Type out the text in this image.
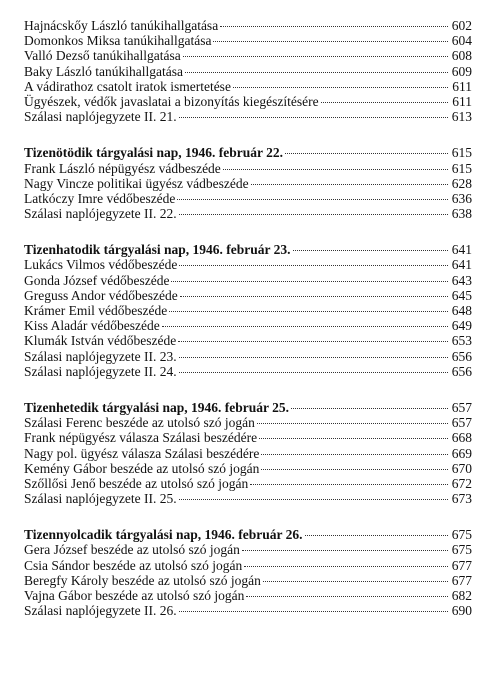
Hajnácskőy László tanúkihallgatása	602
Domonkos Miksa tanúkihallgatása	604
Valló Dezső tanúkihallgatása	608
Baky László tanúkihallgatása	609
A vádirathoz csatolt iratok ismertetése	611
Ügyészek, védők javaslatai a bizonyítás kiegészítésére	611
Szálasi naplójegyzete II. 21.	613
Tizenötödik tárgyalási nap, 1946. február 22.	615
Frank László népügyész vádbeszéde	615
Nagy Vincze politikai ügyész vádbeszéde	628
Latkóczy Imre védőbeszéde	636
Szálasi naplójegyzete II. 22.	638
Tizenhatodik tárgyalási nap, 1946. február 23.	641
Lukács Vilmos védőbeszéde	641
Gonda József védőbeszéde	643
Greguss Andor védőbeszéde	645
Krámer Emil védőbeszéde	648
Kiss Aladár védőbeszéde	649
Klumák István védőbeszéde	653
Szálasi naplójegyzete II. 23.	656
Szálasi naplójegyzete II. 24.	656
Tizenhetedik tárgyalási nap, 1946. február 25.	657
Szálasi Ferenc beszéde az utolsó szó jogán	657
Frank népügyész válasza Szálasi beszédére	668
Nagy pol. ügyész válasza Szálasi beszédére	669
Kemény Gábor beszéde az utolsó szó jogán	670
Szőllősi Jenő beszéde az utolsó szó jogán	672
Szálasi naplójegyzete II. 25.	673
Tizennyolcadik tárgyalási nap, 1946. február 26.	675
Gera József beszéde az utolsó szó jogán	675
Csia Sándor beszéde az utolsó szó jogán	677
Beregfy Károly beszéde az utolsó szó jogán	677
Vajna Gábor beszéde az utolsó szó jogán	682
Szálasi naplójegyzete II. 26.	690
